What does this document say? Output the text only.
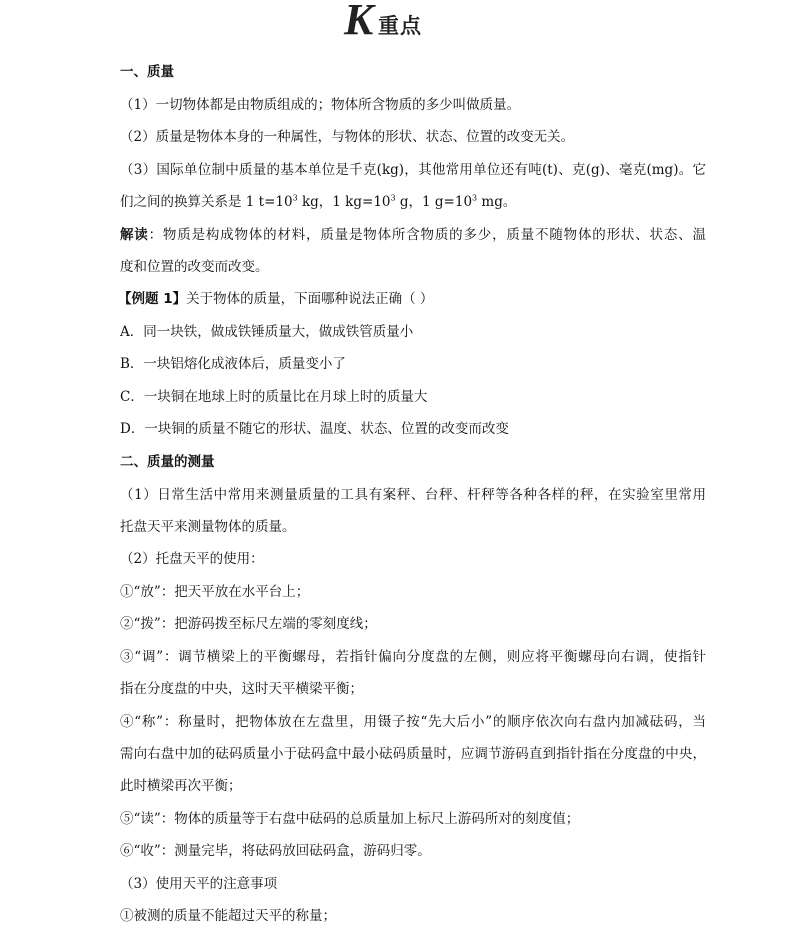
K 重点
一、质量
（1）一切物体都是由物质组成的；物体所含物质的多少叫做质量。
（2）质量是物体本身的一种属性，与物体的形状、状态、位置的改变无关。
（3）国际单位制中质量的基本单位是千克(kg)，其他常用单位还有吨(t)、克(g)、毫克(mg)。它
们之间的换算关系是 1 $t=10^3$ kg，1 $kg=10^3$ g，1 $g=10^3$ mg。
解读：物质是构成物体的材料，质量是物体所含物质的多少，质量不随物体的形状、状态、温
度和位置的改变而改变。
【例题 1】关于物体的质量，下面哪种说法正确（ ）
A．同一块铁，做成铁锤质量大，做成铁管质量小
B．一块铝熔化成液体后，质量变小了
C．一块铜在地球上时的质量比在月球上时的质量大
D．一块铜的质量不随它的形状、温度、状态、位置的改变而改变
二、质量的测量
（1）日常生活中常用来测量质量的工具有案秤、台秤、杆秤等各种各样的秤，在实验室里常用
托盘天平来测量物体的质量。
（2）托盘天平的使用：
①“放”：把天平放在水平台上；
②“拨”：把游码拨至标尺左端的零刻度线；
③“调”：调节横梁上的平衡螺母，若指针偏向分度盘的左侧，则应将平衡螺母向右调，使指针
指在分度盘的中央，这时天平横梁平衡；
④“称”：称量时，把物体放在左盘里，用镊子按“先大后小”的顺序依次向右盘内加减砝码，当
需向右盘中加的砝码质量小于砝码盒中最小砝码质量时，应调节游码直到指针指在分度盘的中央，
此时横梁再次平衡；
⑤“读”：物体的质量等于右盘中砝码的总质量加上标尺上游码所对的刻度值；
⑥“收”：测量完毕，将砝码放回砝码盒，游码归零。
（3）使用天平的注意事项
①被测的质量不能超过天平的称量；
